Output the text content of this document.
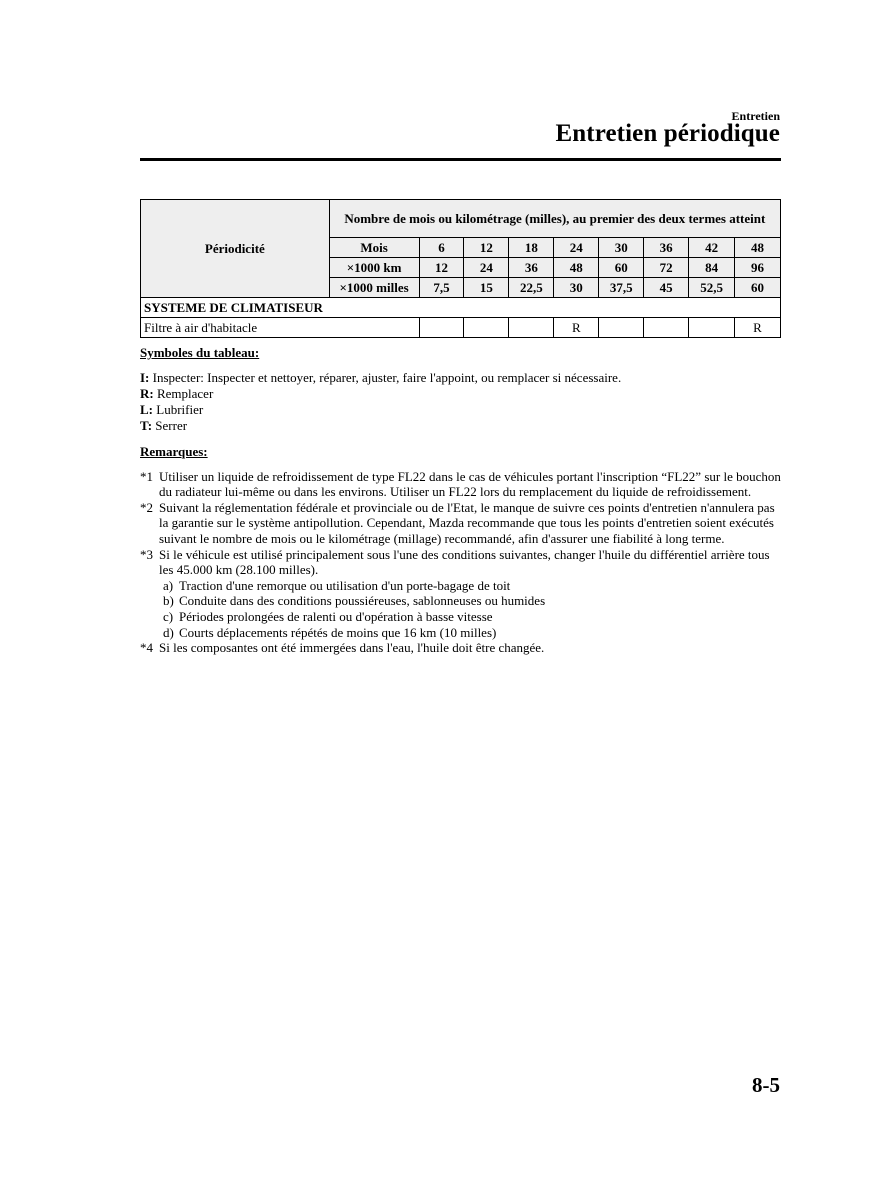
Entretien
Entretien périodique
Périodicité	Nombre de mois ou kilométrage (milles), au premier des deux termes atteint								
	Mois	6	12	18	24	30	36	42	48
	×1000 km	12	24	36	48	60	72	84	96
	×1000 milles	7,5	15	22,5	30	37,5	45	52,5	60
SYSTEME DE CLIMATISEUR									
Filtre à air d'habitacle					R				R
Symboles du tableau:
I: Inspecter: Inspecter et nettoyer, réparer, ajuster, faire l'appoint, ou remplacer si nécessaire.
R: Remplacer
L: Lubrifier
T: Serrer
Remarques:
*1 Utiliser un liquide de refroidissement de type FL22 dans le cas de véhicules portant l'inscription “FL22” sur le bouchon du radiateur lui-même ou dans les environs. Utiliser un FL22 lors du remplacement du liquide de refroidissement.
*2 Suivant la réglementation fédérale et provinciale ou de l'Etat, le manque de suivre ces points d'entretien n'annulera pas la garantie sur le système antipollution. Cependant, Mazda recommande que tous les points d'entretien soient exécutés suivant le nombre de mois ou le kilométrage (millage) recommandé, afin d'assurer une fiabilité à long terme.
*3 Si le véhicule est utilisé principalement sous l'une des conditions suivantes, changer l'huile du différentiel arrière tous les 45.000 km (28.100 milles).
a) Traction d'une remorque ou utilisation d'un porte-bagage de toit
b) Conduite dans des conditions poussiéreuses, sablonneuses ou humides
c) Périodes prolongées de ralenti ou d'opération à basse vitesse
d) Courts déplacements répétés de moins que 16 km (10 milles)
*4 Si les composantes ont été immergées dans l'eau, l'huile doit être changée.
8-5
